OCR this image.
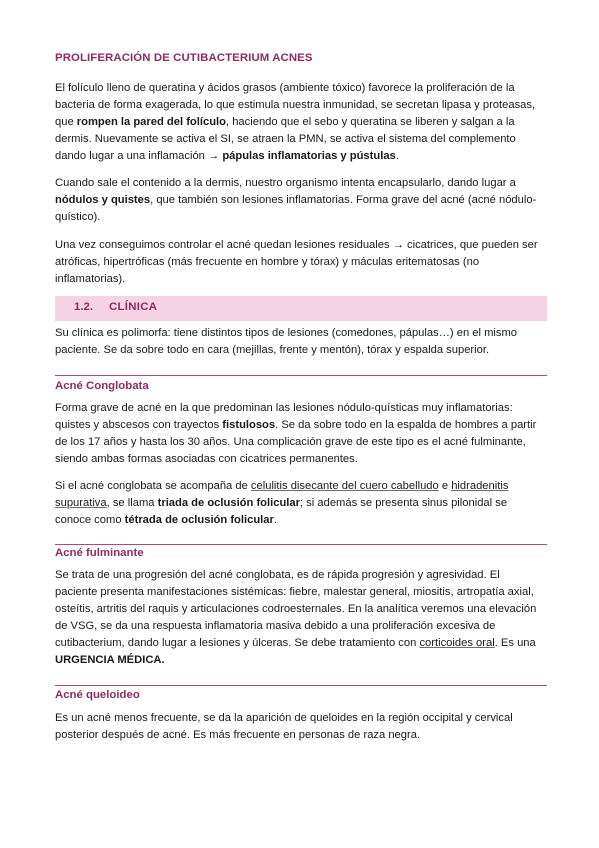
PROLIFERACIÓN DE CUTIBACTERIUM ACNES

El folículo lleno de queratina y ácidos grasos (ambiente tóxico) favorece la proliferación de la bacteria de forma exagerada, lo que estimula nuestra inmunidad, se secretan lipasa y proteasas, que rompen la pared del folículo, haciendo que el sebo y queratina se liberen y salgan a la dermis. Nuevamente se activa el SI, se atraen la PMN, se activa el sistema del complemento dando lugar a una inflamación → pápulas inflamatorias y pústulas.

Cuando sale el contenido a la dermis, nuestro organismo intenta encapsularlo, dando lugar a nódulos y quistes, que también son lesiones inflamatorias. Forma grave del acné (acné nódulo-quístico).

Una vez conseguimos controlar el acné quedan lesiones residuales → cicatrices, que pueden ser atróficas, hipertróficas (más frecuente en hombre y tórax) y máculas eritematosas (no inflamatorias).

1.2. CLÍNICA

Su clínica es polimorfa: tiene distintos tipos de lesiones (comedones, pápulas…) en el mismo paciente. Se da sobre todo en cara (mejillas, frente y mentón), tórax y espalda superior.

Acné Conglobata

Forma grave de acné en la que predominan las lesiones nódulo-quísticas muy inflamatorias: quistes y abscesos con trayectos fistulosos. Se da sobre todo en la espalda de hombres a partir de los 17 años y hasta los 30 años. Una complicación grave de este tipo es el acné fulminante, siendo ambas formas asociadas con cicatrices permanentes.

Si el acné conglobata se acompaña de celulitis disecante del cuero cabelludo e hidradenitis supurativa, se llama triada de oclusión folicular; si además se presenta sinus pilonidal se conoce como tétrada de oclusión folicular.

Acné fulminante

Se trata de una progresión del acné conglobata, es de rápida progresión y agresividad. El paciente presenta manifestaciones sistémicas: fiebre, malestar general, miositis, artropatía axial, osteítis, artritis del raquis y articulaciones codroesternales. En la analítica veremos una elevación de VSG, se da una respuesta inflamatoria masiva debido a una proliferación excesiva de cutibacterium, dando lugar a lesiones y úlceras. Se debe tratamiento con corticoides oral. Es una URGENCIA MÉDICA.

Acné queloideo

Es un acné menos frecuente, se da la aparición de queloides en la región occipital y cervical posterior después de acné. Es más frecuente en personas de raza negra.
